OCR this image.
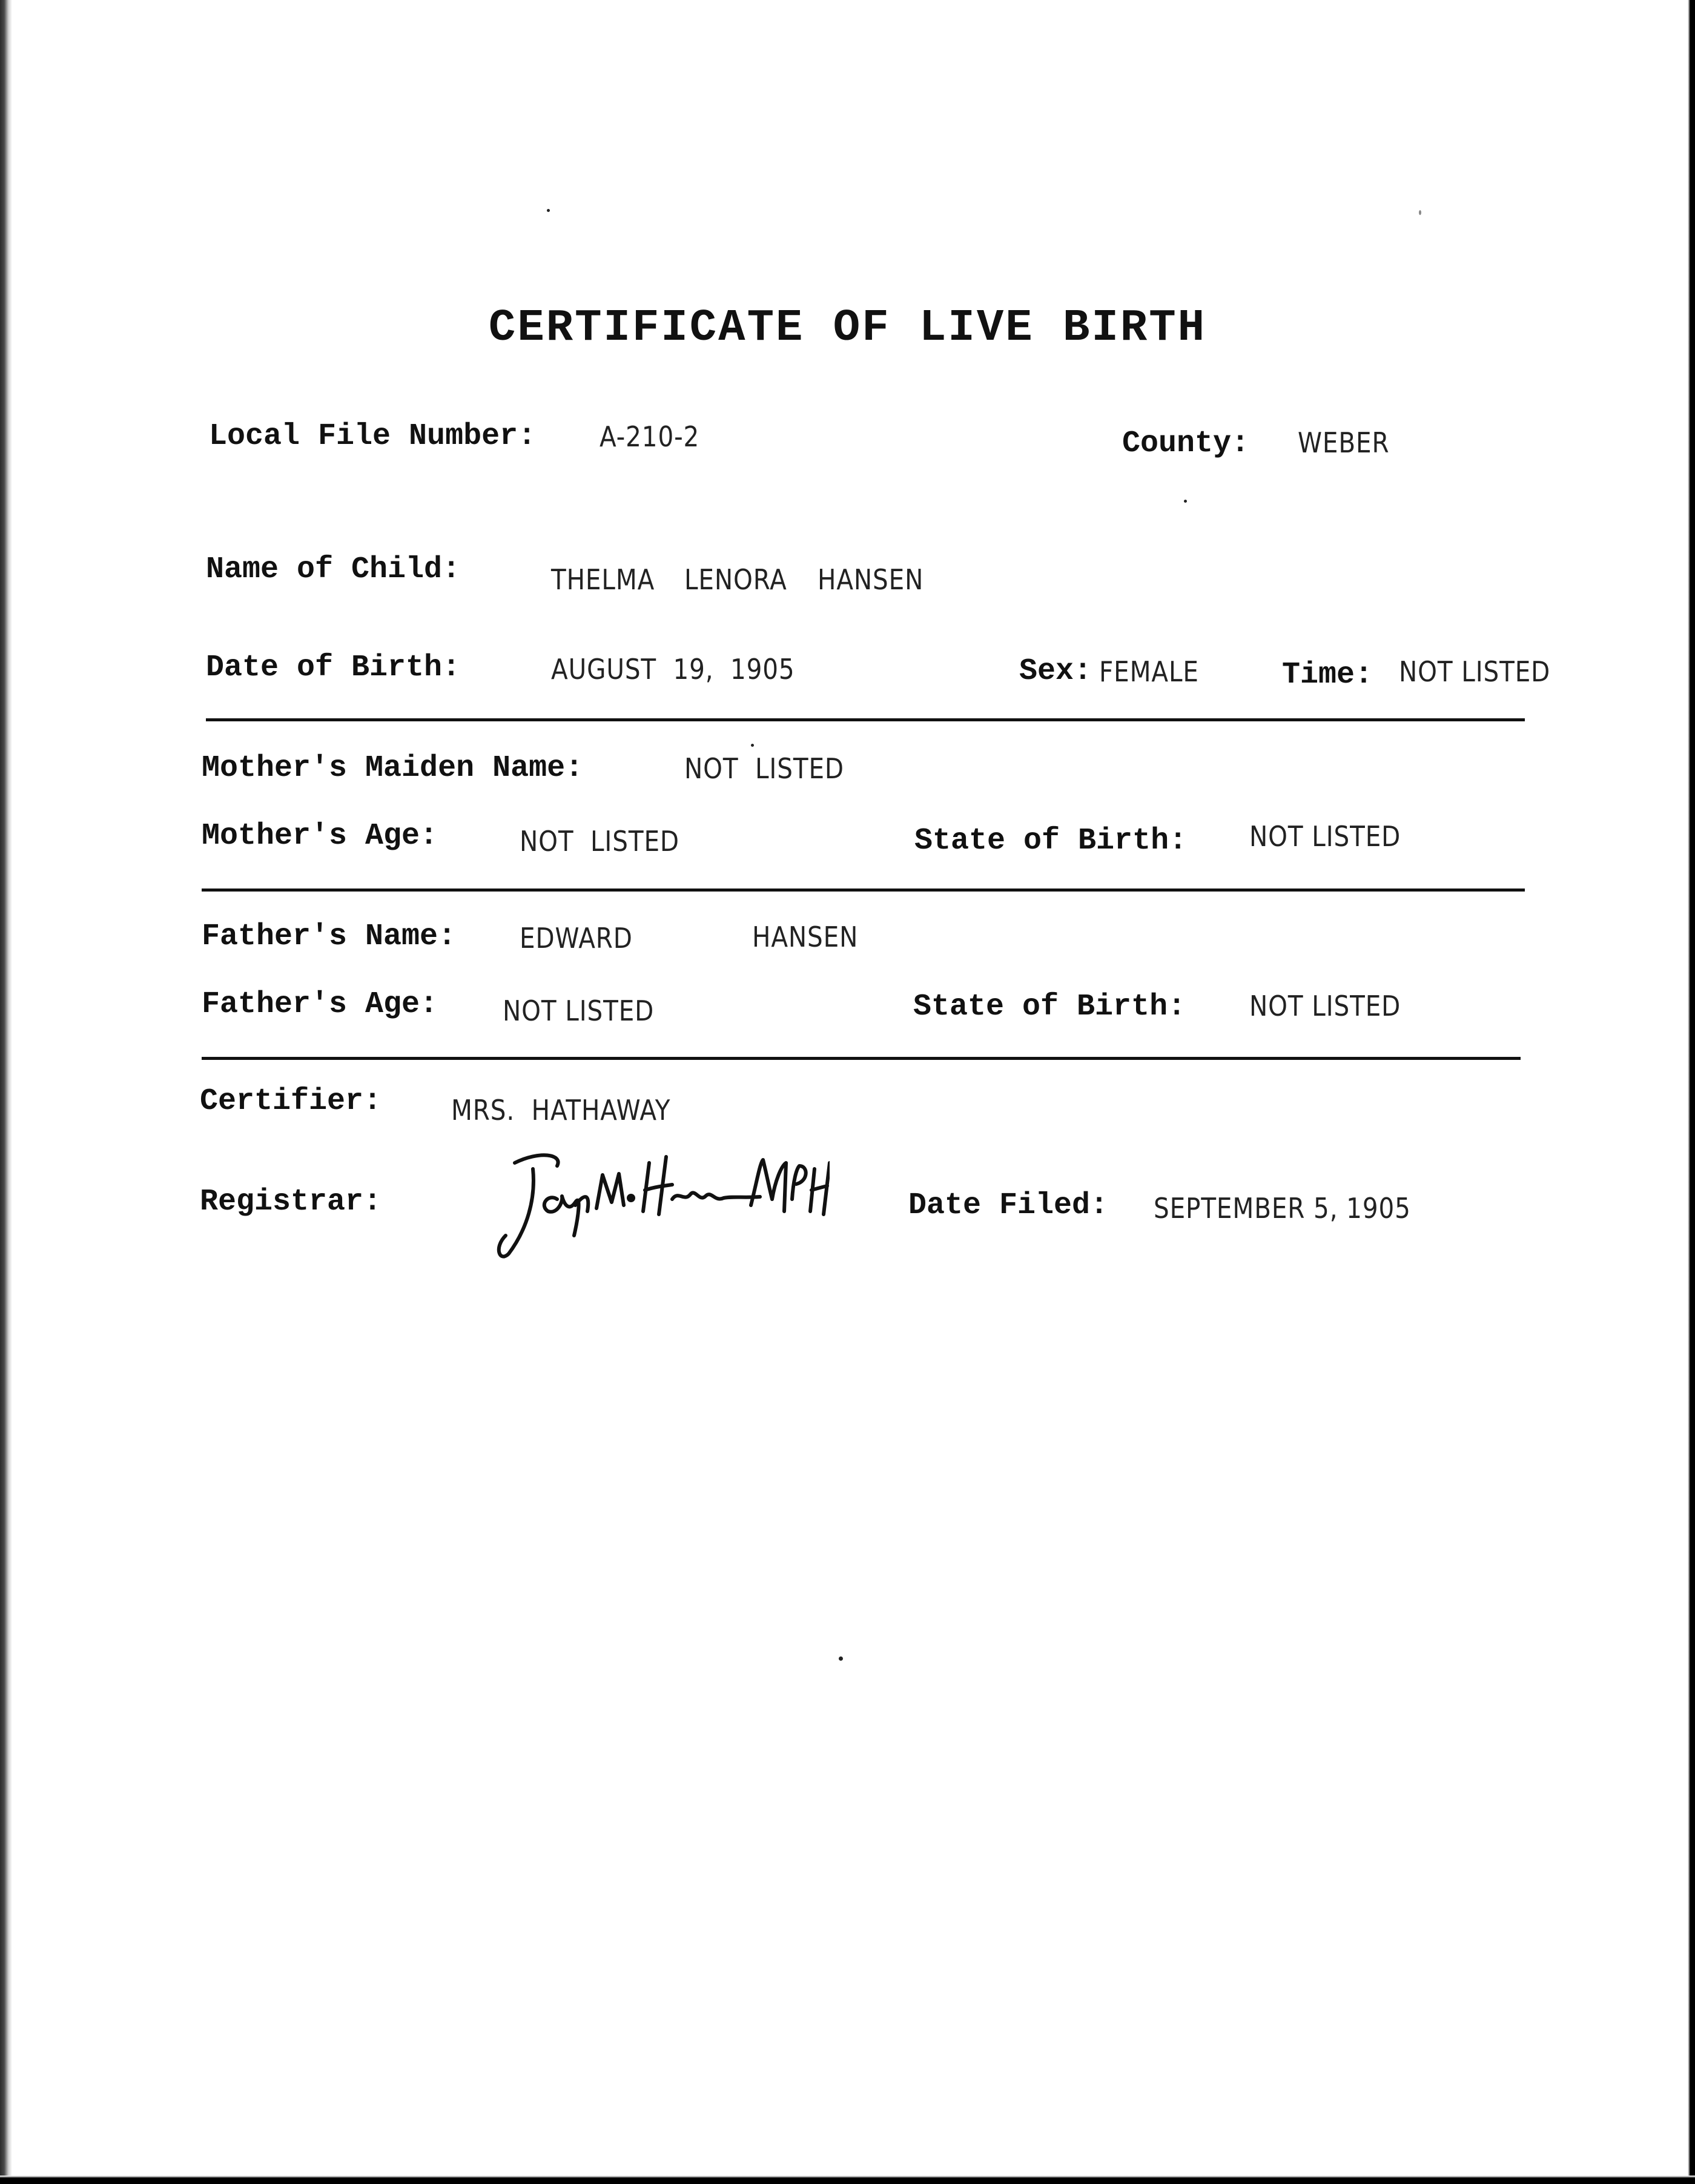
CERTIFICATE OF LIVE BIRTH
Local File Number: A-210-2	County: WEBER
Name of Child:	THELMA LENORA HANSEN
Date of Birth:	AUGUST  19,  1905	Sex: FEMALE	Time: NOT LISTED
Mother's Maiden Name:	NOT  LISTED
Mother's Age:	NOT  LISTED	State of Birth: NOT LISTED
Father's Name: EDWARD	HANSEN
Father's Age: NOT LISTED	State of Birth: NOT LISTED
Certifier: MRS.  HATHAWAY
Registrar:	Date Filed: SEPTEMBER 5, 1905
